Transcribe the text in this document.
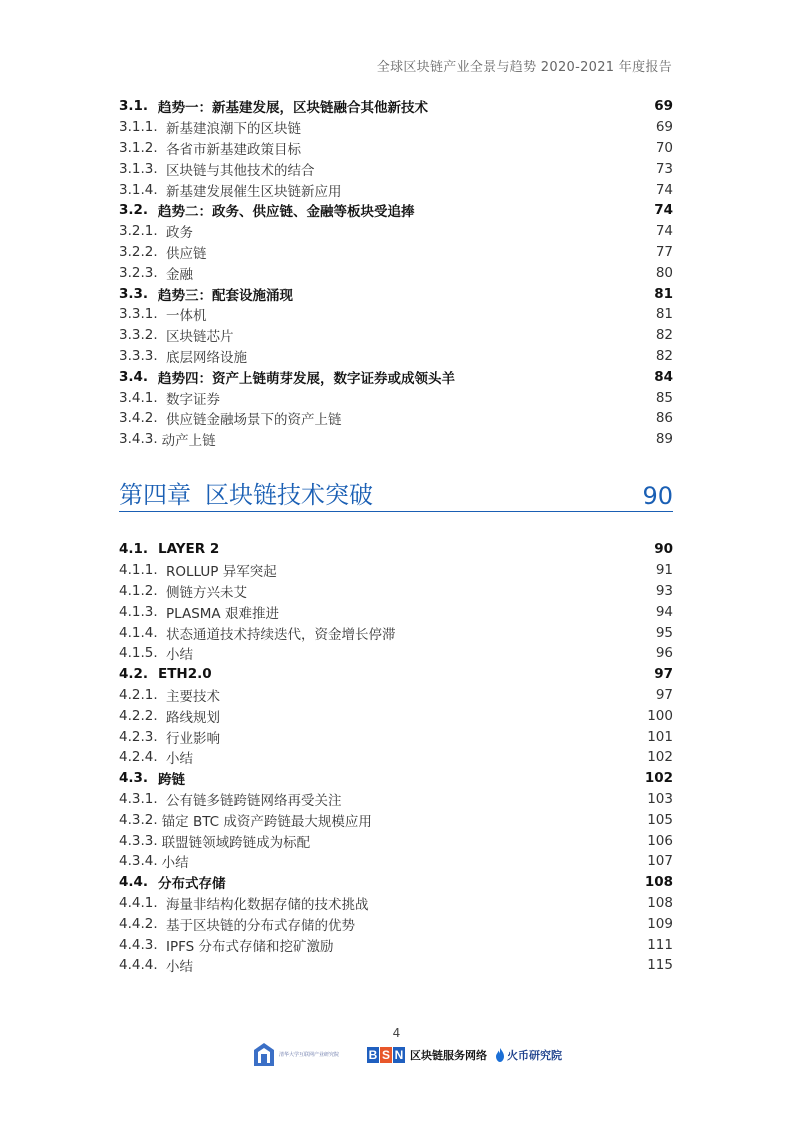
全球区块链产业全景与趋势 2020-2021 年度报告
3.1. 趋势一：新基建发展，区块链融合其他新技术	69
3.1.1. 新基建浪潮下的区块链	69
3.1.2. 各省市新基建政策目标	70
3.1.3. 区块链与其他技术的结合	73
3.1.4. 新基建发展催生区块链新应用	74
3.2. 趋势二：政务、供应链、金融等板块受追捧	74
3.2.1. 政务	74
3.2.2. 供应链	77
3.2.3. 金融	80
3.3. 趋势三：配套设施涌现	81
3.3.1. 一体机	81
3.3.2. 区块链芯片	82
3.3.3. 底层网络设施	82
3.4. 趋势四：资产上链萌芽发展，数字证券或成领头羊	84
3.4.1. 数字证券	85
3.4.2. 供应链金融场景下的资产上链	86
3.4.3. 动产上链	89
第四章 区块链技术突破	90
4.1. LAYER 2	90
4.1.1. ROLLUP 异军突起	91
4.1.2. 侧链方兴未艾	93
4.1.3. PLASMA 艰难推进	94
4.1.4. 状态通道技术持续迭代，资金增长停滞	95
4.1.5. 小结	96
4.2. ETH2.0	97
4.2.1. 主要技术	97
4.2.2. 路线规划	100
4.2.3. 行业影响	101
4.2.4. 小结	102
4.3. 跨链	102
4.3.1. 公有链多链跨链网络再受关注	103
4.3.2. 锚定 BTC 成资产跨链最大规模应用	105
4.3.3. 联盟链领域跨链成为标配	106
4.3.4. 小结	107
4.4. 分布式存储	108
4.4.1. 海量非结构化数据存储的技术挑战	108
4.4.2. 基于区块链的分布式存储的优势	109
4.4.3. IPFS 分布式存储和挖矿激励	111
4.4.4. 小结	115
4
清华大学互联网产业研究院	B S N 区块链服务网络 火币研究院
